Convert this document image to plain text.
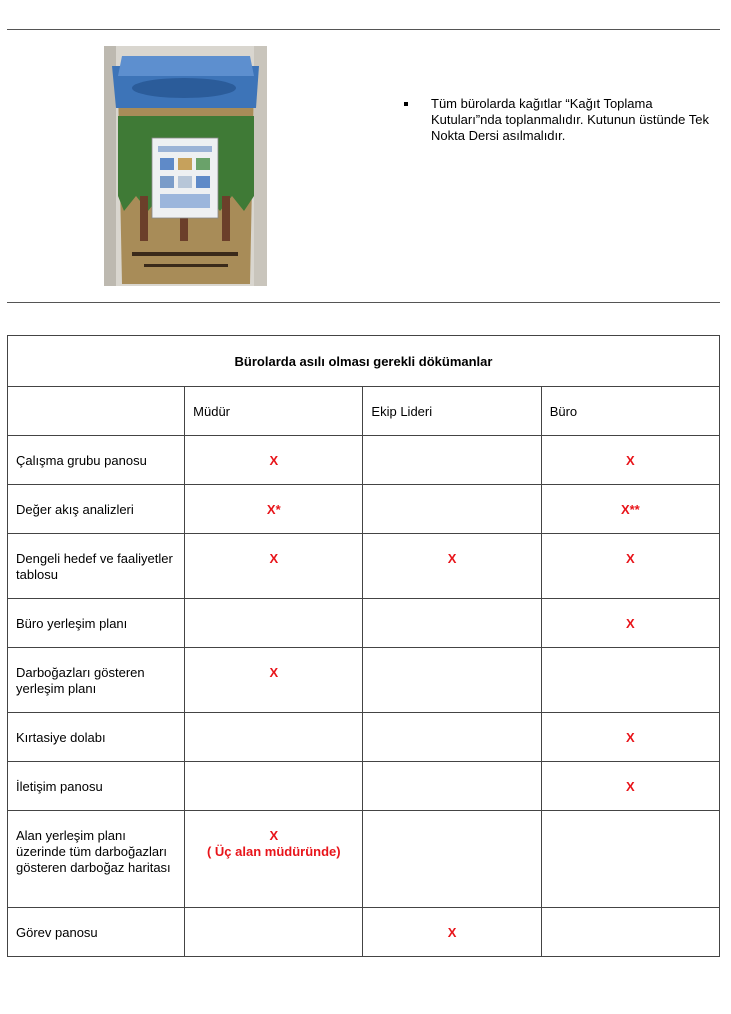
Tüm bürolarda kağıtlar “Kağıt Toplama Kutuları”nda toplanmalıdır. Kutunun üstünde Tek Nokta Dersi asılmalıdır.
Bürolarda asılı olması gerekli dökümanlar			
	Müdür	Ekip Lideri	Büro
Çalışma grubu panosu	X		X
Değer akış analizleri	X*		X**
Dengeli hedef ve faaliyetler tablosu	X	X	X
Büro yerleşim planı			X
Darboğazları gösteren yerleşim planı	X		
Kırtasiye dolabı			X
İletişim panosu			X
Alan yerleşim planı üzerinde tüm darboğazları gösteren darboğaz haritası	X
( Üç alan müdüründe)		

Görev panosu		X	
